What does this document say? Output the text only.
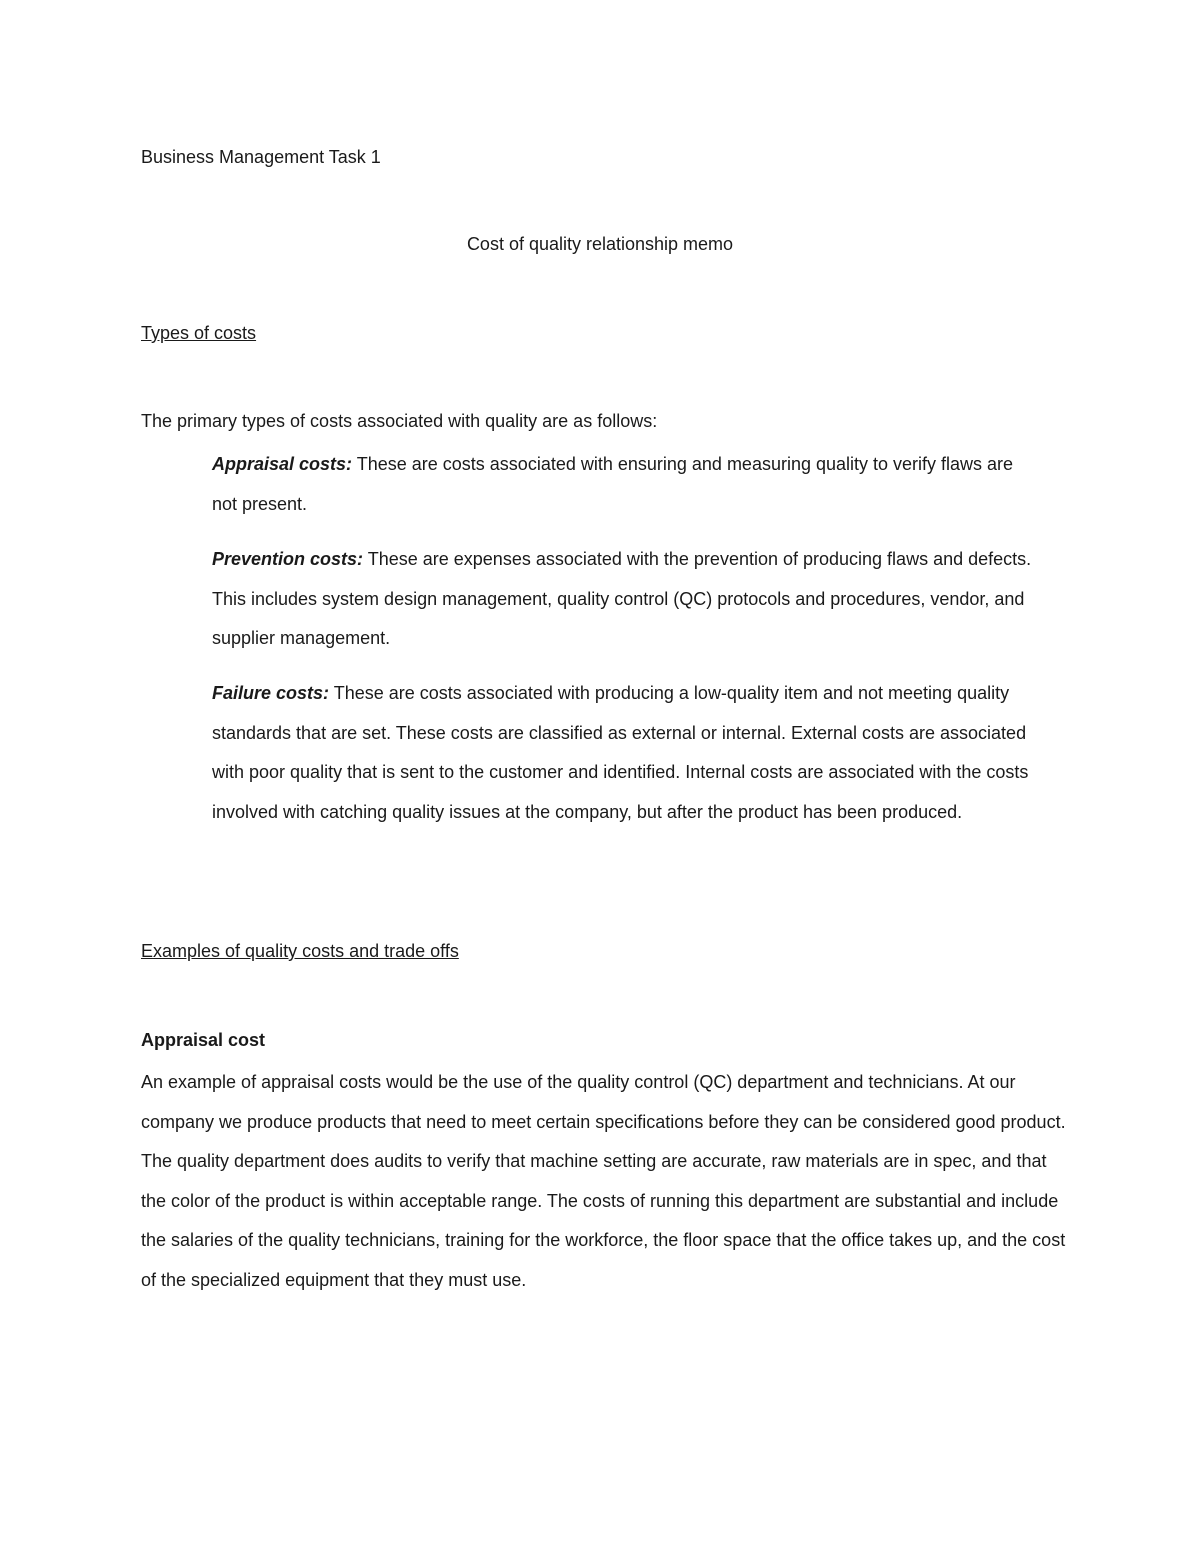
Business Management Task 1
Cost of quality relationship memo
Types of costs
The primary types of costs associated with quality are as follows:
Appraisal costs: These are costs associated with ensuring and measuring quality to verify flaws are not present.
Prevention costs: These are expenses associated with the prevention of producing flaws and defects. This includes system design management, quality control (QC) protocols and procedures, vendor, and supplier management.
Failure costs: These are costs associated with producing a low-quality item and not meeting quality standards that are set. These costs are classified as external or internal. External costs are associated with poor quality that is sent to the customer and identified. Internal costs are associated with the costs involved with catching quality issues at the company, but after the product has been produced.
Examples of quality costs and trade offs
Appraisal cost
An example of appraisal costs would be the use of the quality control (QC) department and technicians. At our company we produce products that need to meet certain specifications before they can be considered good product. The quality department does audits to verify that machine setting are accurate, raw materials are in spec, and that the color of the product is within acceptable range. The costs of running this department are substantial and include the salaries of the quality technicians, training for the workforce, the floor space that the office takes up, and the cost of the specialized equipment that they must use.
